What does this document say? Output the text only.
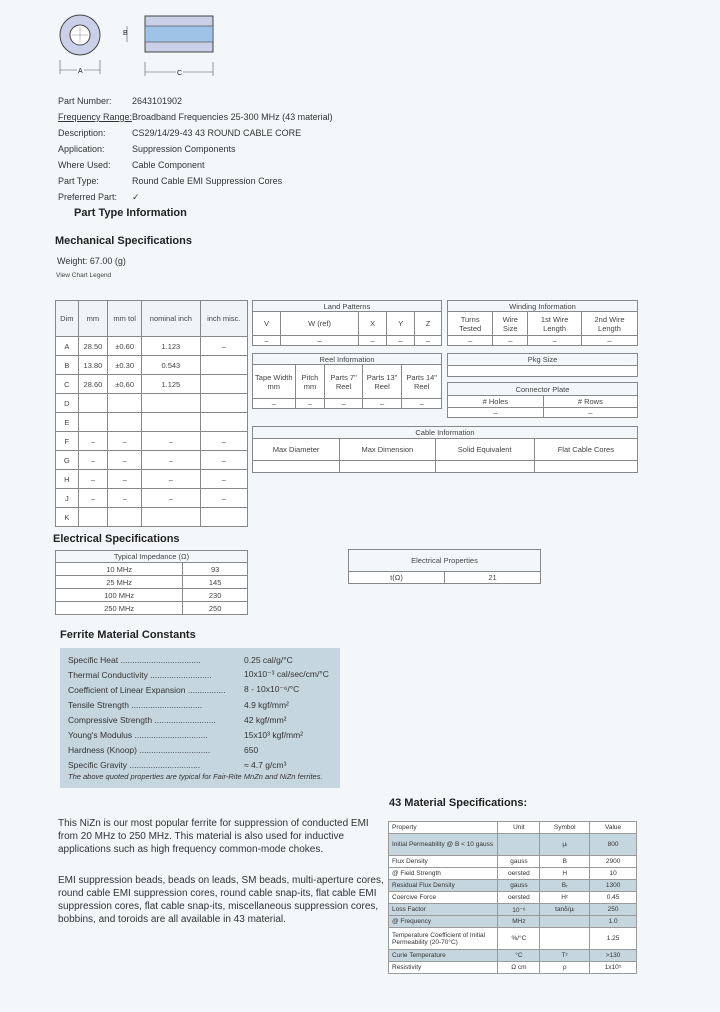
A
B
C
Part Number: 2643101902
Frequency Range:Broadband Frequencies 25-300 MHz (43 material)
Description:	CS29/14/29-43 43 ROUND CABLE CORE
Application:	Suppression Components
Where Used: Cable Component
Part Type:	Round Cable EMI Suppression Cores
Preferred Part: ✓
Part Type Information
Mechanical Specifications
Weight: 67.00 (g)
View Chart Legend
Dim	mm	mm tol	nominal inch	inch misc.
A	28.50	±0.60	1.123	–
B	13.80	±0.30	0.543	
C	28.60	±0.60	1.125	
D				
E				
F	–	–	–	–
G	–	–	–	–
H	–	–	–	–
J	–	–	–	–
K				
Land Patterns				
V	W (ref)	X	Y	Z
–	–	–	–	–
Winding Information			
Turns Tested	Wire Size	1st Wire Length	2nd Wire Length
–	–	–	–
Reel Information				
Tape Width mm	Pitch mm	Parts 7" Reel	Parts 13" Reel	Parts 14" Reel
–	–	–	–	–
Pkg Size

Connector Plate	
# Holes	# Rows
–	–
Cable Information			
Max Diameter	Max Dimension	Solid Equivalent	Flat Cable Cores

Electrical Specifications
Typical Impedance (Ω)	
10 MHz	93
25 MHz	145
100 MHz	230
250 MHz	250
Electrical Properties
t(Ω)	21
Ferrite Material Constants
Specific Heat ..................................	0.25 cal/g/°C
Thermal Conductivity ..........................	10x10⁻³ cal/sec/cm/°C
Coefficient of Linear Expansion ................	8 - 10x10⁻⁶/°C
Tensile Strength ..............................	4.9 kgf/mm²
Compressive Strength ..........................	42 kgf/mm²
Young's Modulus ...............................	15x10³ kgf/mm²
Hardness (Knoop) ..............................	650
Specific Gravity ..............................	≈ 4.7 g/cm³
The above quoted properties are typical for Fair-Rite MnZn and NiZn ferrites.
This NiZn is our most popular ferrite for suppression of conducted EMI from 20 MHz to 250 MHz. This material is also used for inductive applications such as high frequency common-mode chokes.
EMI suppression beads, beads on leads, SM beads, multi-aperture cores, round cable EMI suppression cores, round cable snap-its, flat cable EMI suppression cores, flat cable snap-its, miscellaneous suppression cores, bobbins, and toroids are all available in 43 material.
43 Material Specifications:
Property	Unit	Symbol	Value
Initial Permeability @ B < 10 gauss		μᵢ	800
Flux Density	gauss	B	2900
@ Field Strength	oersted	H	10
Residual Flux Density	gauss	Bᵣ	1300
Coercive Force	oersted	Hᶜ	0.45
Loss Factor	10⁻⁶	tanδ/μᵢ	250
@ Frequency	MHz		1.0
Temperature Coefficient of Initial Permeability (20-70°C)	%/°C		1.25
Curie Temperature	°C	Tᶜ	>130
Resistivity	Ω cm	ρ	1x10⁵
